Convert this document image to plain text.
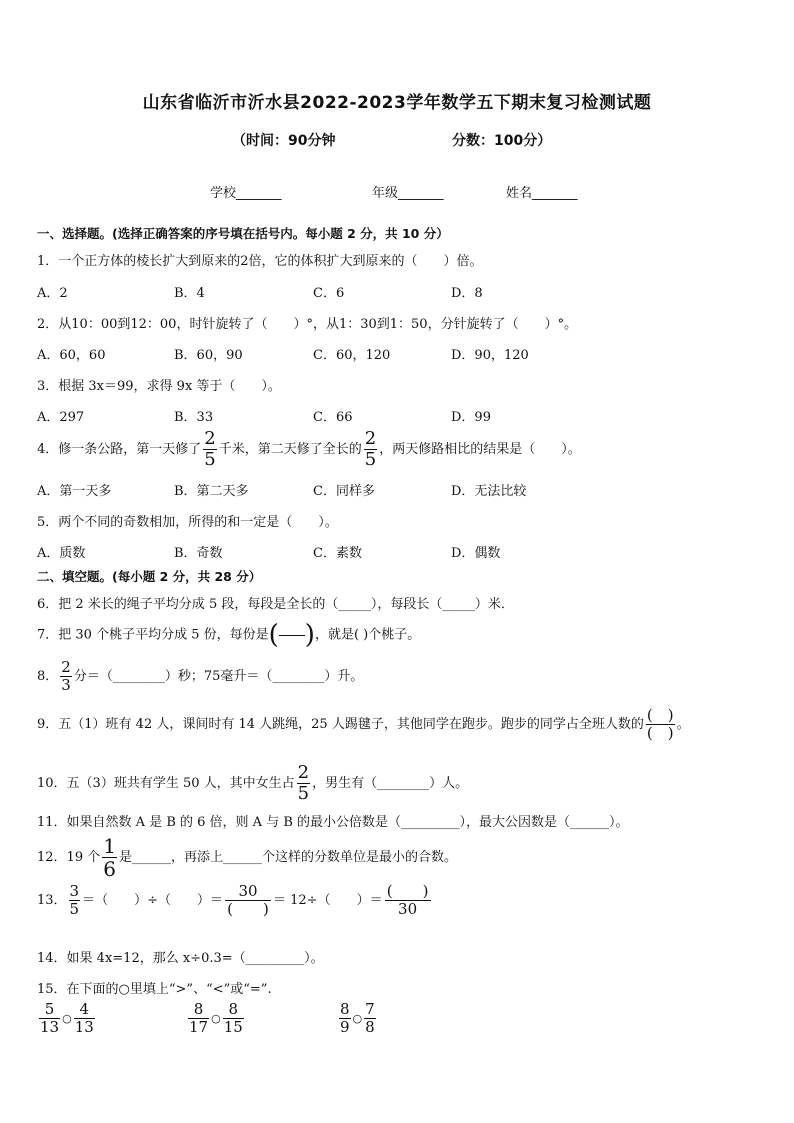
山东省临沂市沂水县2022-2023学年数学五下期末复习检测试题
（时间：90分钟	分数：100分）
学校_______	年级_______	姓名_______
一、选择题。(选择正确答案的序号填在括号内。每小题 2 分，共 10 分）
1．一个正方体的棱长扩大到原来的2倍，它的体积扩大到原来的（　　）倍。
A．2	B．4	C．6	D．8
2．从10：00到12：00，时针旋转了（　　）°，从1：30到1：50，分针旋转了（　　）°。
A．60，60	B．60，90	C．60，120	D．90，120
3．根据 3x＝99，求得 9x 等于（　　）。
A．297	B．33	C．66	D．99
4．修一条公路，第一天修了 $\frac{2}{5}$ 千米，第二天修了全长的 $\frac{2}{5}$ ，两天修路相比的结果是（　　）。
A．第一天多	B．第二天多	C．同样多	D．无法比较
5．两个不同的奇数相加，所得的和一定是（　　）。
A．质数	B．奇数	C．素数	D．偶数
二、填空题。(每小题 2 分，共 28 分）
6．把 2 米长的绳子平均分成 5 段，每段是全长的（_____），每段长（_____）米．
7．把 30 个桃子平均分成 5 份，每份是( )，就是( )个桃子。
8． $\frac{2}{3}$ 分＝（________）秒；75毫升＝（________）升。
9．五（1）班有 42 人，课间时有 14 人跳绳，25 人踢毽子，其他同学在跑步。跑步的同学占全班人数的 $\frac{( )}{( )}$ 。
10．五（3）班共有学生 50 人，其中女生占 $\frac{2}{5}$ ，男生有（________）人。
11．如果自然数 A 是 B 的 6 倍，则 A 与 B 的最小公倍数是（_________），最大公因数是（______）。
12．19 个 $\frac{1}{6}$ 是______，再添上______个这样的分数单位是最小的合数。
13． $\frac{3}{5}$ ＝（　　）÷（　　）＝ $\frac{30}{( )} = 12\div$（　　）＝ $\frac{( )}{30}$
14．如果 4x=12，那么 x÷0.3=（_________）。
15．在下面的○里填上“>”、“<”或“=”.
$\frac{5}{13}$ ○ $\frac{4}{13}$	$\frac{8}{17}$ ○ $\frac{8}{15}$	$\frac{8}{9}$ ○ $\frac{7}{8}$
